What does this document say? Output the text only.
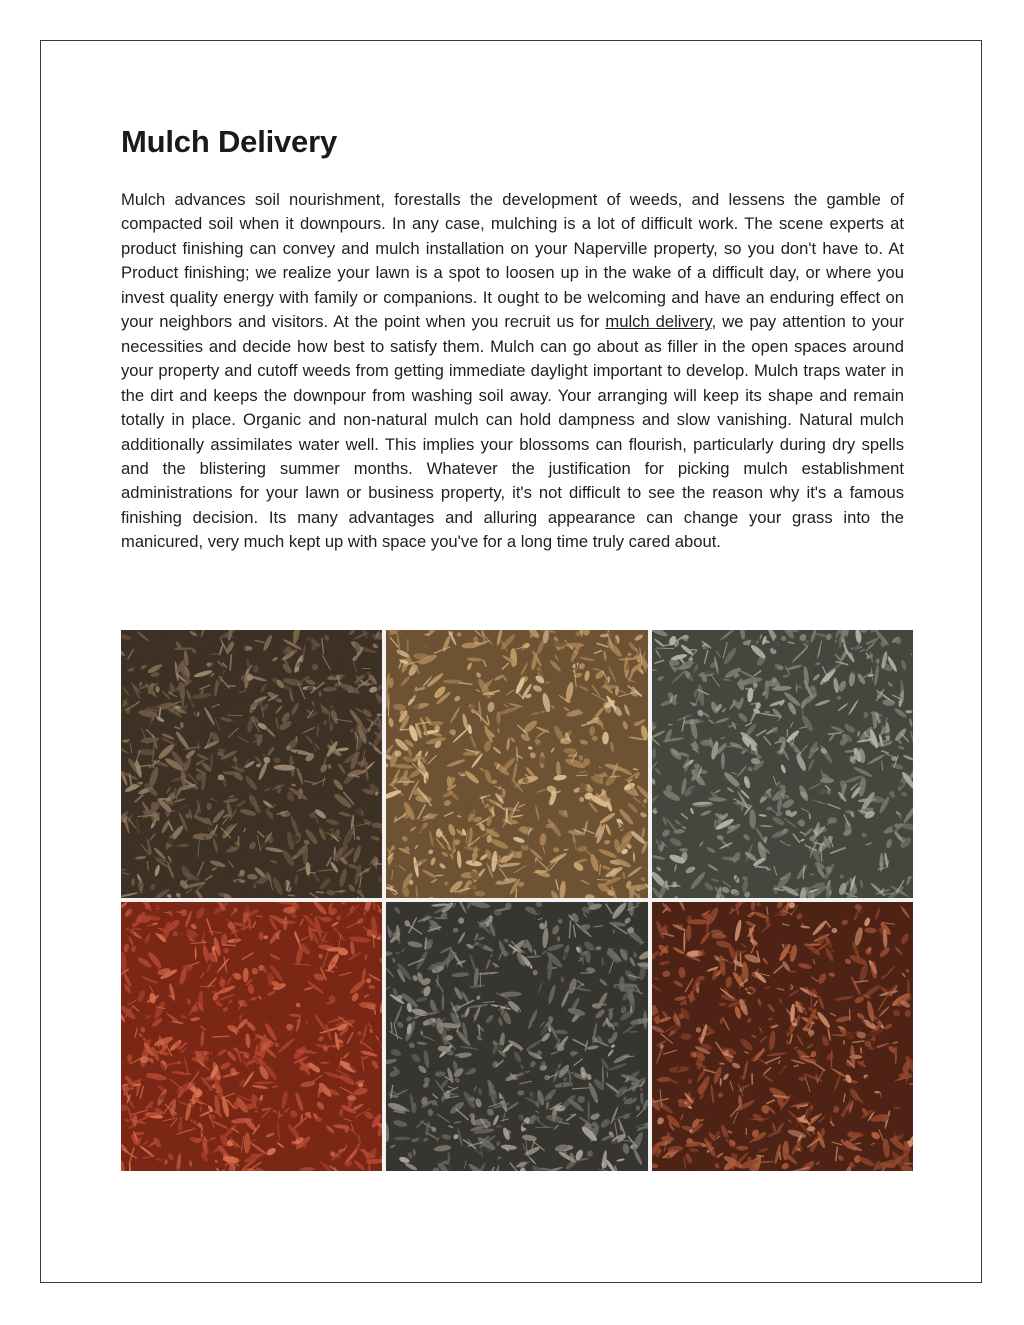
Mulch Delivery

Mulch advances soil nourishment, forestalls the development of weeds, and lessens the gamble of compacted soil when it downpours. In any case, mulching is a lot of difficult work. The scene experts at product finishing can convey and mulch installation on your Naperville property, so you don't have to. At Product finishing; we realize your lawn is a spot to loosen up in the wake of a difficult day, or where you invest quality energy with family or companions. It ought to be welcoming and have an enduring effect on your neighbors and visitors. At the point when you recruit us for mulch delivery, we pay attention to your necessities and decide how best to satisfy them. Mulch can go about as filler in the open spaces around your property and cutoff weeds from getting immediate daylight important to develop. Mulch traps water in the dirt and keeps the downpour from washing soil away. Your arranging will keep its shape and remain totally in place. Organic and non-natural mulch can hold dampness and slow vanishing. Natural mulch additionally assimilates water well. This implies your blossoms can flourish, particularly during dry spells and the blistering summer months. Whatever the justification for picking mulch establishment administrations for your lawn or business property, it's not difficult to see the reason why it's a famous finishing decision. Its many advantages and alluring appearance can change your grass into the manicured, very much kept up with space you've for a long time truly cared about.
